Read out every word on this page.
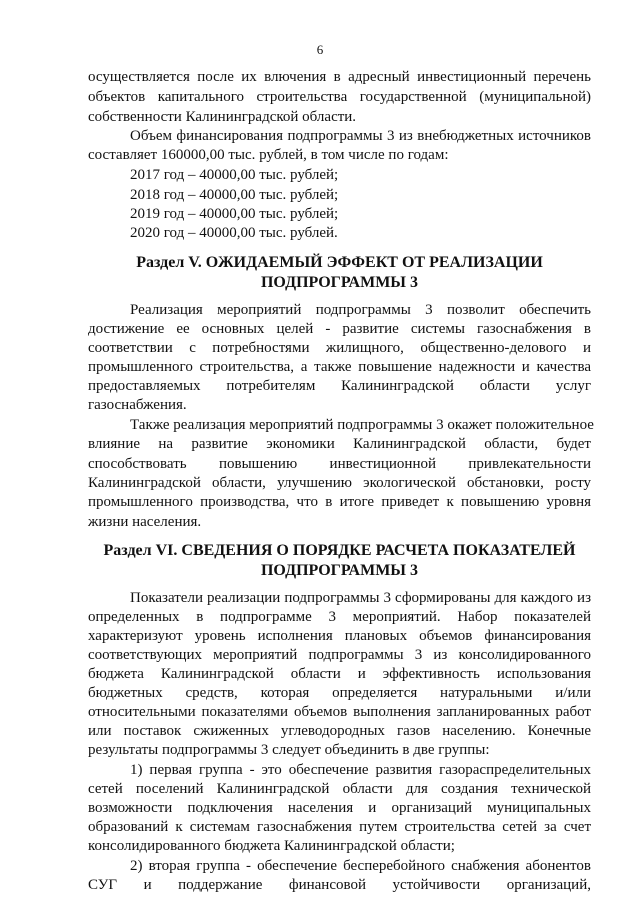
6
осуществляется после их влючения в адресный инвестиционный перечень
объектов капитального строительства государственной (муниципальной)
собственности Калининградской области.
Объем финансирования подпрограммы 3 из внебюджетных источников
составляет 160000,00 тыс. рублей, в том числе по годам:
2017 год – 40000,00 тыс. рублей;
2018 год – 40000,00 тыс. рублей;
2019 год – 40000,00 тыс. рублей;
2020 год – 40000,00 тыс. рублей.
Раздел V. ОЖИДАЕМЫЙ ЭФФЕКТ ОТ РЕАЛИЗАЦИИ
ПОДПРОГРАММЫ 3
Реализация мероприятий подпрограммы 3 позволит обеспечить
достижение ее основных целей - развитие системы газоснабжения в
соответствии с потребностями жилищного, общественно-делового и
промышленного строительства, а также повышение надежности и качества
предоставляемых потребителям Калининградской области услуг
газоснабжения.
Также реализация мероприятий подпрограммы 3 окажет положительное
влияние на развитие экономики Калининградской области, будет
способствовать повышению инвестиционной привлекательности
Калининградской области, улучшению экологической обстановки, росту
промышленного производства, что в итоге приведет к повышению уровня
жизни населения.
Раздел VI. СВЕДЕНИЯ О ПОРЯДКЕ РАСЧЕТА ПОКАЗАТЕЛЕЙ
ПОДПРОГРАММЫ 3
Показатели реализации подпрограммы 3 сформированы для каждого из
определенных в подпрограмме 3 мероприятий. Набор показателей
характеризуют уровень исполнения плановых объемов финансирования
соответствующих мероприятий подпрограммы 3 из консолидированного
бюджета Калининградской области и эффективность использования
бюджетных средств, которая определяется натуральными и/или
относительными показателями объемов выполнения запланированных работ
или поставок сжиженных углеводородных газов населению. Конечные
результаты подпрограммы 3 следует объединить в две группы:
1) первая группа - это обеспечение развития газораспределительных
сетей поселений Калининградской области для создания технической
возможности подключения населения и организаций муниципальных
образований к системам газоснабжения путем строительства сетей за счет
консолидированного бюджета Калининградской области;
2) вторая группа - обеспечение бесперебойного снабжения абонентов
СУГ и поддержание финансовой устойчивости организаций,
